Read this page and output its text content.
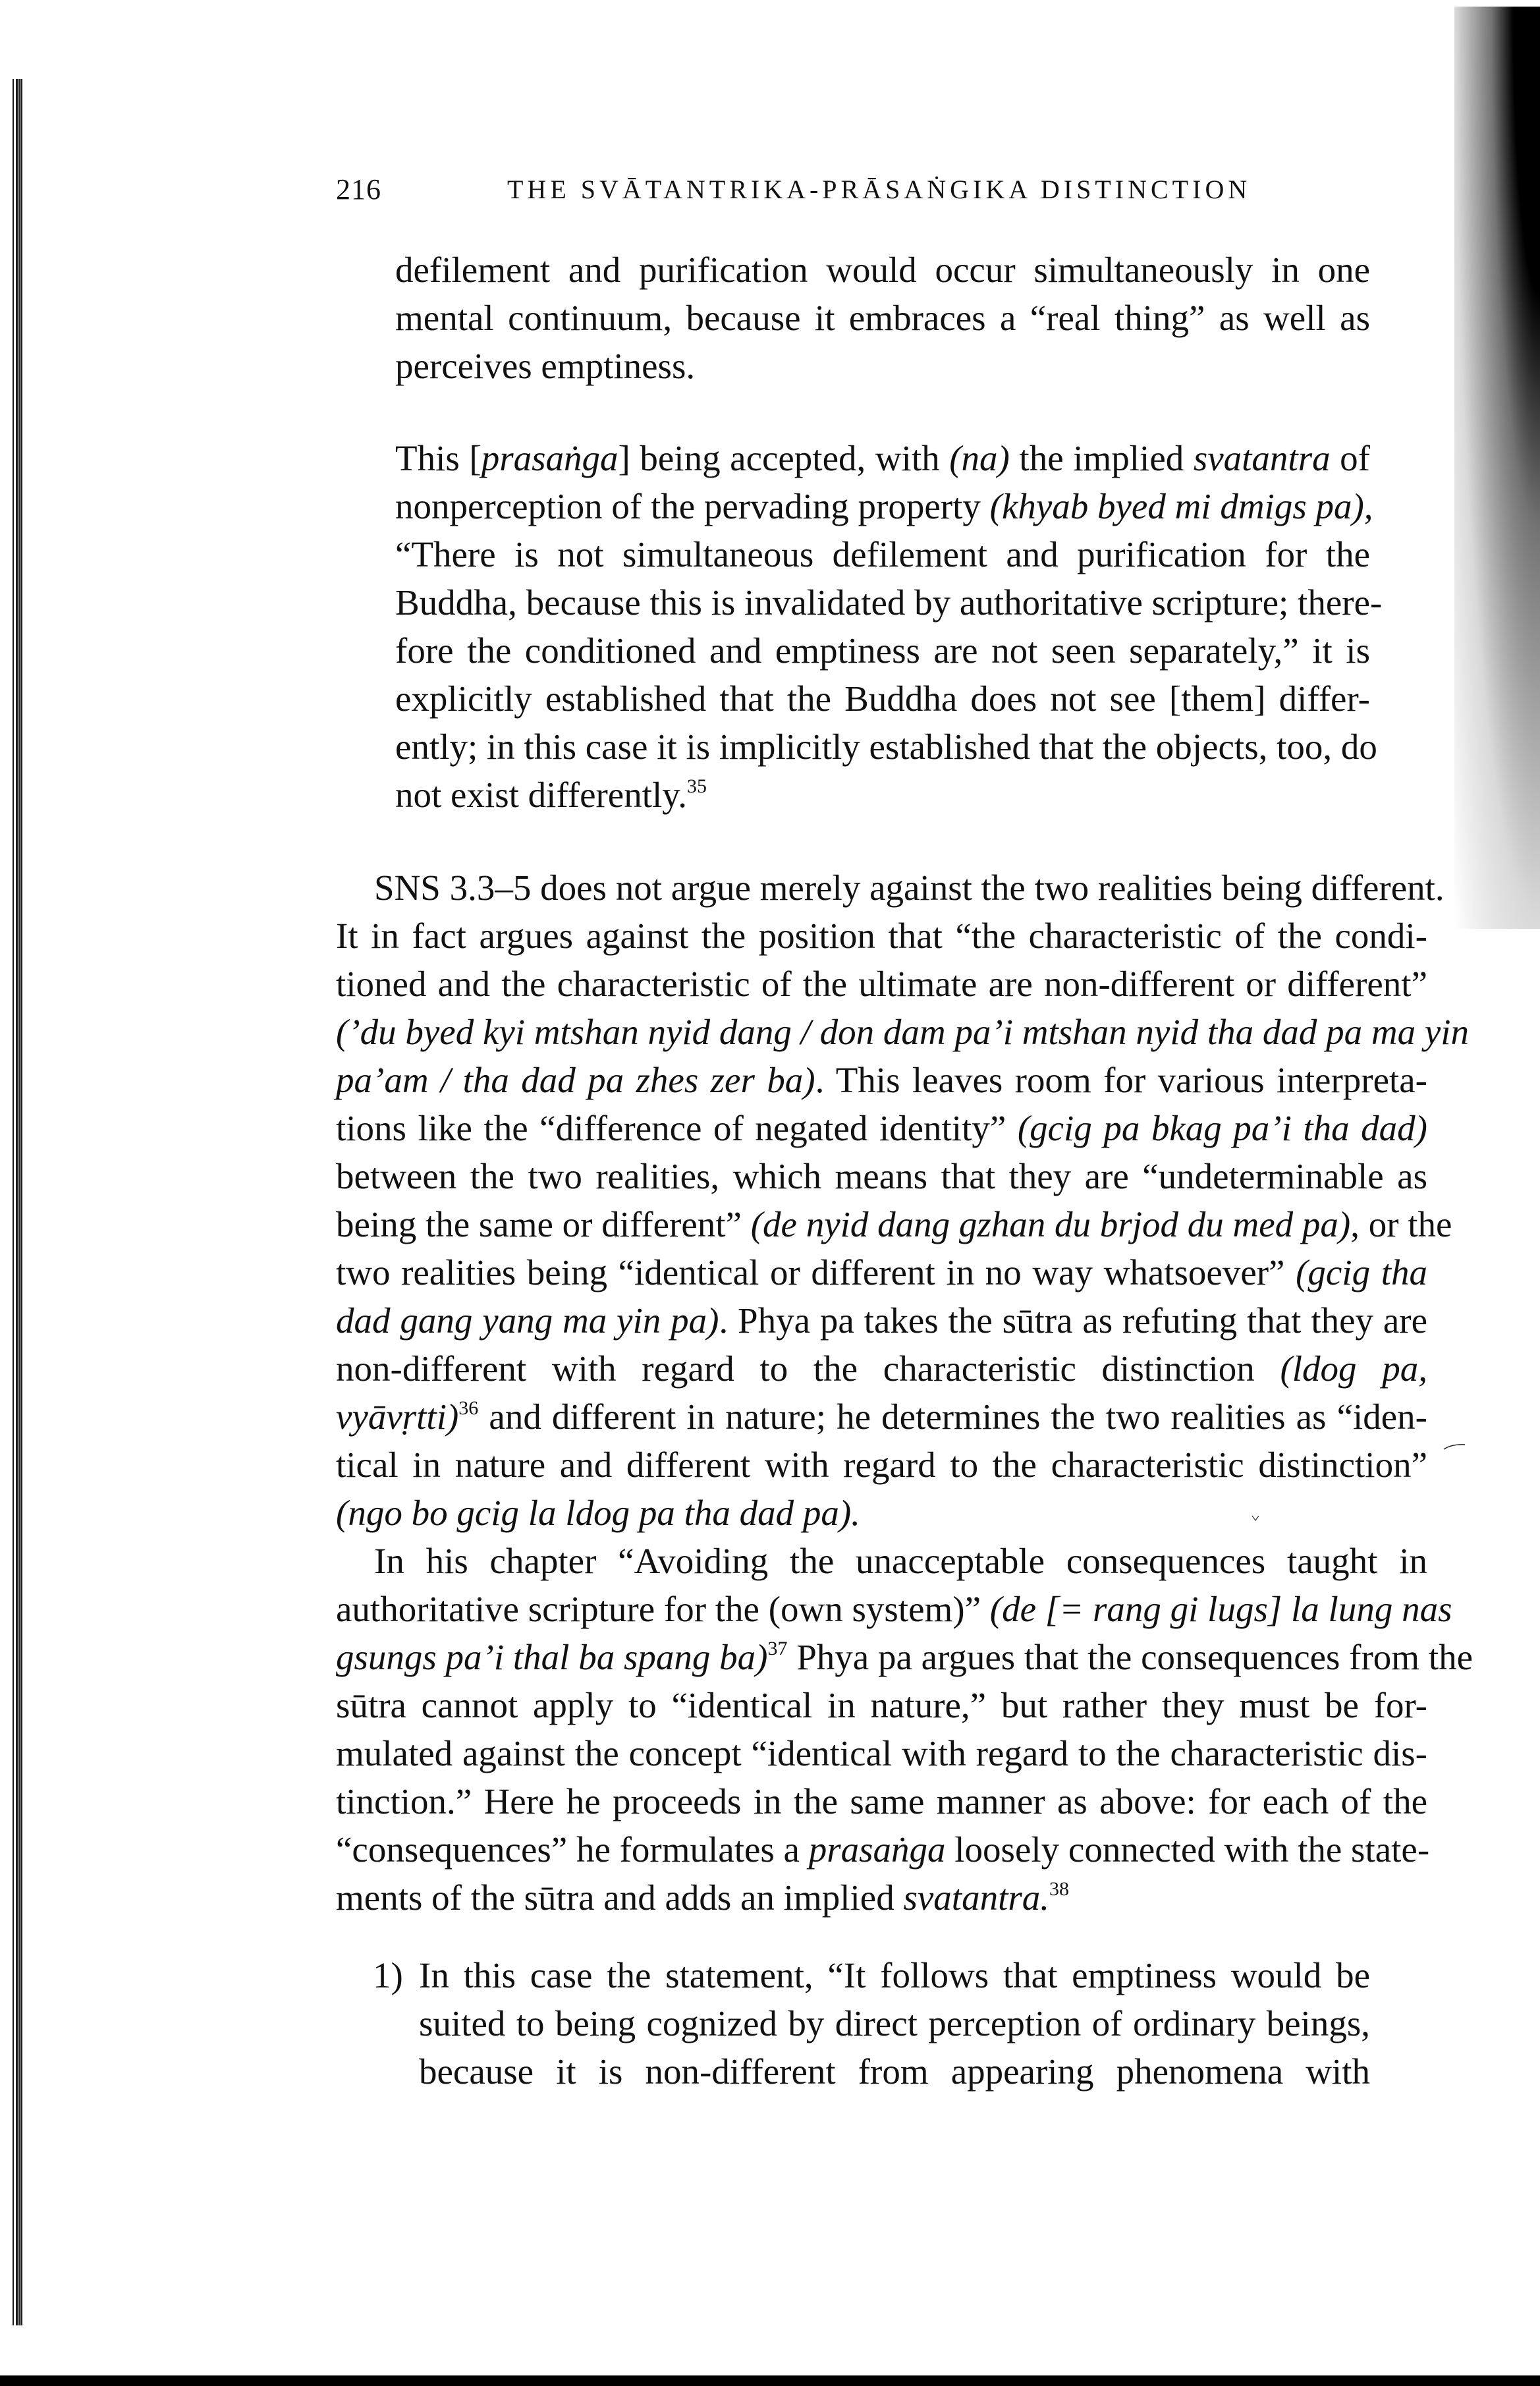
216	THE SVĀTANTRIKA-PRĀSAṄGIKA DISTINCTION
defilement and purification would occur simultaneously in one
mental continuum, because it embraces a “real thing” as well as
perceives emptiness.
This [prasaṅga] being accepted, with (na) the implied svatantra of
nonperception of the pervading property (khyab byed mi dmigs pa),
“There is not simultaneous defilement and purification for the
Buddha, because this is invalidated by authoritative scripture; there-
fore the conditioned and emptiness are not seen separately,” it is
explicitly established that the Buddha does not see [them] differ-
ently; in this case it is implicitly established that the objects, too, do
not exist differently.$^{35}$
SNS 3.3–5 does not argue merely against the two realities being different.
It in fact argues against the position that “the characteristic of the condi-
tioned and the characteristic of the ultimate are non-different or different”
(’du byed kyi mtshan nyid dang / don dam pa’i mtshan nyid tha dad pa ma yin
pa’am / tha dad pa zhes zer ba). This leaves room for various interpreta-
tions like the “difference of negated identity” (gcig pa bkag pa’i tha dad)
between the two realities, which means that they are “undeterminable as
being the same or different” (de nyid dang gzhan du brjod du med pa), or the
two realities being “identical or different in no way whatsoever” (gcig tha
dad gang yang ma yin pa). Phya pa takes the sūtra as refuting that they are
non-different with regard to the characteristic distinction (ldog pa,
vyāvṛtti)$^{36}$ and different in nature; he determines the two realities as “iden-
tical in nature and different with regard to the characteristic distinction”
(ngo bo gcig la ldog pa tha dad pa).
In his chapter “Avoiding the unacceptable consequences taught in
authoritative scripture for the (own system)” (de [= rang gi lugs] la lung nas
gsungs pa’i thal ba spang ba)$^{37}$ Phya pa argues that the consequences from the
sūtra cannot apply to “identical in nature,” but rather they must be for-
mulated against the concept “identical with regard to the characteristic dis-
tinction.” Here he proceeds in the same manner as above: for each of the
“consequences” he formulates a prasaṅga loosely connected with the state-
ments of the sūtra and adds an implied svatantra.$^{38}$
1) In this case the statement, “It follows that emptiness would be
suited to being cognized by direct perception of ordinary beings,
because it is non-different from appearing phenomena with
